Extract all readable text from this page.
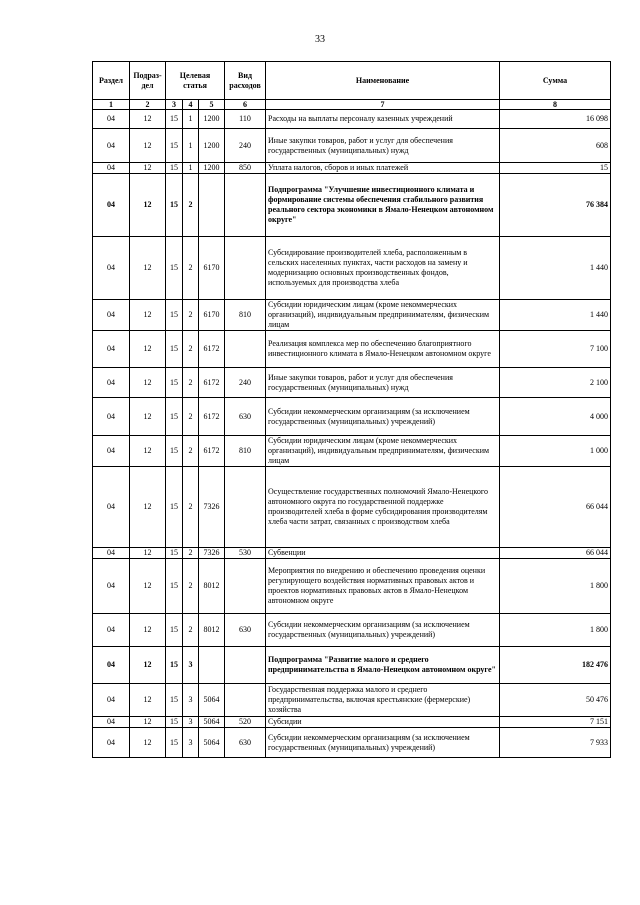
33
Раздел	Подраз-дел	Целевая статья			Вид расходов	Наименование	Сумма
1	2	3	4	5	6	7	8
04	12	15	1	1200	110	Расходы на выплаты персоналу казенных учреждений	16 098
04	12	15	1	1200	240	Иные закупки товаров, работ и услуг для обеспечения государственных (муниципальных) нужд	608
04	12	15	1	1200	850	Уплата налогов, сборов и иных платежей	15
04	12	15	2			Подпрограмма "Улучшение инвестиционного климата и формирование системы обеспечения стабильного развития реального сектора экономики в Ямало-Ненецком автономном округе"	76 384
04	12	15	2	6170		Субсидирование производителей хлеба, расположенным в сельских населенных пунктах, части расходов на замену и модернизацию основных производственных фондов, используемых для производства хлеба	1 440
04	12	15	2	6170	810	Субсидии юридическим лицам (кроме некоммерческих организаций), индивидуальным предпринимателям, физическим лицам	1 440
04	12	15	2	6172		Реализация комплекса мер по обеспечению благоприятного инвестиционного климата в Ямало-Ненецком автономном округе	7 100
04	12	15	2	6172	240	Иные закупки товаров, работ и услуг для обеспечения государственных (муниципальных) нужд	2 100
04	12	15	2	6172	630	Субсидии некоммерческим организациям (за исключением государственных (муниципальных) учреждений)	4 000
04	12	15	2	6172	810	Субсидии юридическим лицам (кроме некоммерческих организаций), индивидуальным предпринимателям, физическим лицам	1 000
04	12	15	2	7326		Осуществление государственных полномочий Ямало-Ненецкого автономного округа по государственной поддержке производителей хлеба в форме субсидирования производителям хлеба части затрат, связанных с производством хлеба	66 044
04	12	15	2	7326	530	Субвенции	66 044
04	12	15	2	8012		Мероприятия по внедрению и обеспечению проведения оценки регулирующего воздействия нормативных правовых актов и проектов нормативных правовых актов в Ямало-Ненецком автономном округе	1 800
04	12	15	2	8012	630	Субсидии некоммерческим организациям (за исключением государственных (муниципальных) учреждений)	1 800
04	12	15	3			Подпрограмма "Развитие малого и среднего предпринимательства в Ямало-Ненецком автономном округе"	182 476
04	12	15	3	5064		Государственная поддержка малого и среднего предпринимательства, включая крестьянские (фермерские) хозяйства	50 476
04	12	15	3	5064	520	Субсидии	7 151
04	12	15	3	5064	630	Субсидии некоммерческим организациям (за исключением государственных (муниципальных) учреждений)	7 933
